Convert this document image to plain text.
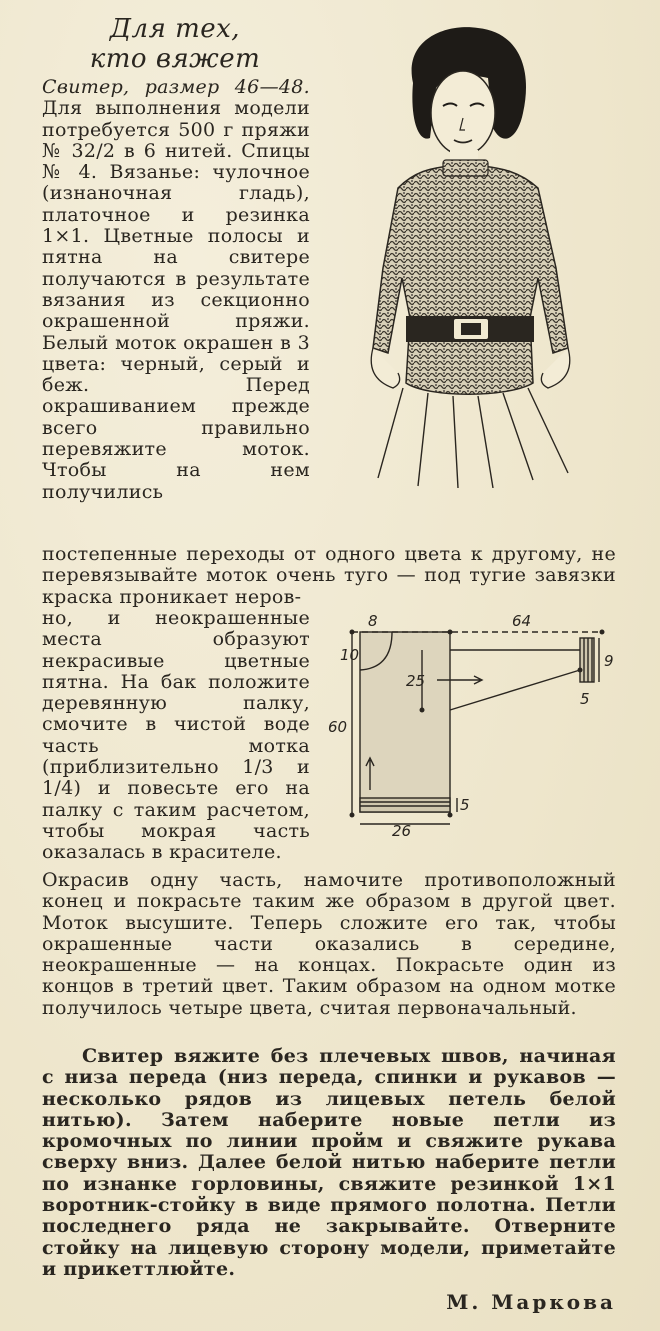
Для тех,
кто вяжет

Свитер, размер 46—48. Для выполнения модели потребуется 500 г пряжи № 32/2 в 6 нитей. Спицы № 4. Вязанье: чулочное (изнаночная гладь), платочное и резинка 1×1. Цветные полосы и пятна на свитере получаются в результате вязания из секционно окрашенной пряжи. Белый моток окрашен в 3 цвета: черный, серый и беж. Перед окрашиванием прежде всего правильно перевяжите моток. Чтобы на нем получились

постепенные переходы от одного цвета к другому, не перевязывайте моток очень туго — под тугие завязки краска проникает неров-
но, и неокрашенные места образуют некрасивые цветные пятна. На бак положите деревянную палку, смочите в чистой воде часть мотка (приблизительно 1/3 и 1/4) и повесьте его на палку с таким расчетом, чтобы мокрая часть оказалась в красителе.
8	64
10
25
9
5
60
5
26
Окрасив одну часть, намочите противоположный конец и покрасьте таким же образом в другой цвет. Моток высушите. Теперь сложите его так, чтобы окрашенные части оказались в середине, неокрашенные — на концах. Покрасьте один из концов в третий цвет. Таким образом на одном мотке получилось четыре цвета, считая первоначальный.
Свитер вяжите без плечевых швов, начиная с низа переда (низ переда, спинки и рукавов — несколько рядов из лицевых петель белой нитью). Затем наберите новые петли из кромочных по линии пройм и свяжите рукава сверху вниз. Далее белой нитью наберите петли по изнанке горловины, свяжите резинкой 1×1 воротник-стойку в виде прямого полотна. Петли последнего ряда не закрывайте. Отверните стойку на лицевую сторону модели, приметайте и прикеттлюйте.
М. Маркова
